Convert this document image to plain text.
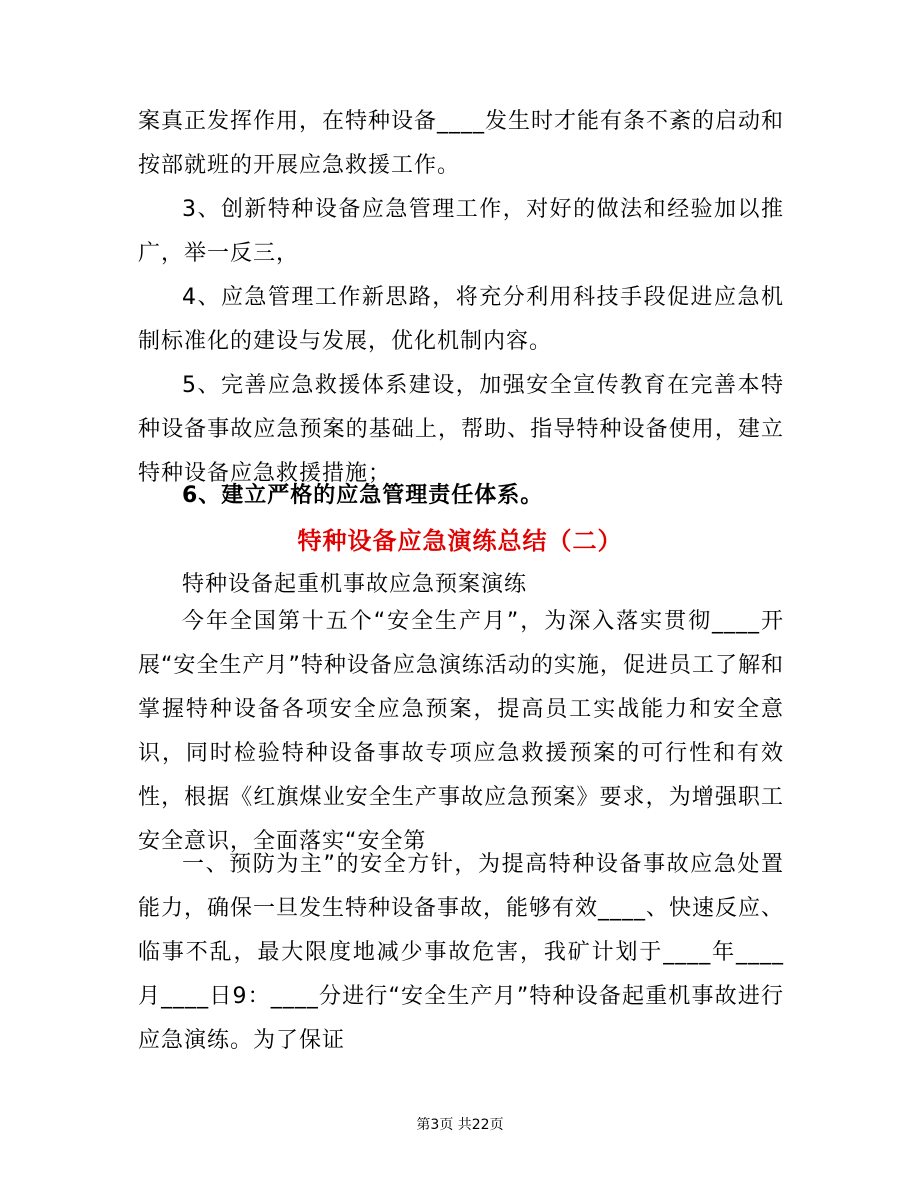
案真正发挥作用，在特种设备____发生时才能有条不紊的启动和按部就班的开展应急救援工作。

3、创新特种设备应急管理工作，对好的做法和经验加以推广，举一反三，

4、应急管理工作新思路，将充分利用科技手段促进应急机制标准化的建设与发展，优化机制内容。

5、完善应急救援体系建设，加强安全宣传教育在完善本特种设备事故应急预案的基础上，帮助、指导特种设备使用，建立特种设备应急救援措施；

6、建立严格的应急管理责任体系。

特种设备应急演练总结（二）

特种设备起重机事故应急预案演练

今年全国第十五个“安全生产月”，为深入落实贯彻____开展“安全生产月”特种设备应急演练活动的实施，促进员工了解和掌握特种设备各项安全应急预案，提高员工实战能力和安全意识，同时检验特种设备事故专项应急救援预案的可行性和有效性，根据《红旗煤业安全生产事故应急预案》要求，为增强职工安全意识，全面落实“安全第

一、预防为主”的安全方针，为提高特种设备事故应急处置能力，确保一旦发生特种设备事故，能够有效____、快速反应、临事不乱，最大限度地减少事故危害，我矿计划于____年____月____日9：____分进行“安全生产月”特种设备起重机事故进行应急演练。为了保证

第3页 共22页
